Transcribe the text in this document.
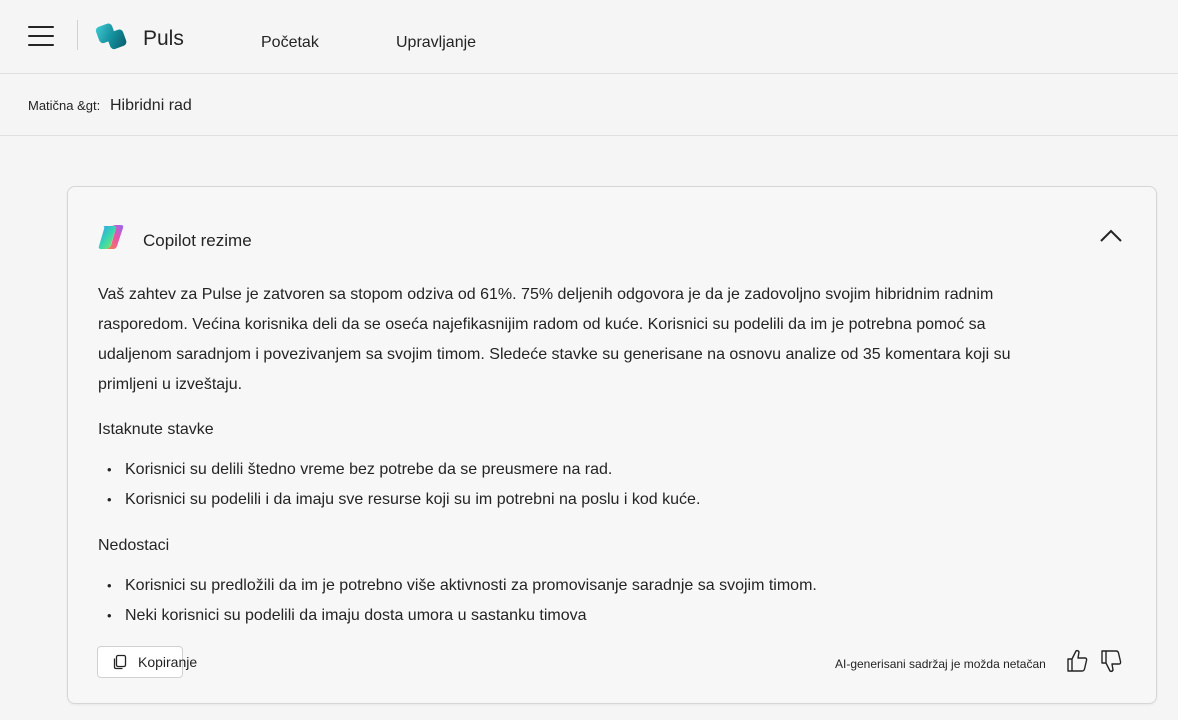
Puls	Početak	Upravljanje
Matična &gt: Hibridni rad
Copilot rezime

Vaš zahtev za Pulse je zatvoren sa stopom odziva od 61%. 75% deljenih odgovora je da je zadovoljno svojim hibridnim radnim rasporedom. Većina korisnika deli da se oseća najefikasnijim radom od kuće. Korisnici su podelili da im je potrebna pomoć sa udaljenom saradnjom i povezivanjem sa svojim timom. Sledeće stavke su generisane na osnovu analize od 35 komentara koji su primljeni u izveštaju.

Istaknute stavke
• Korisnici su delili štedno vreme bez potrebe da se preusmere na rad.
• Korisnici su podelili i da imaju sve resurse koji su im potrebni na poslu i kod kuće.
Nedostaci
• Korisnici su predložili da im je potrebno više aktivnosti za promovisanje saradnje sa svojim timom.
• Neki korisnici su podelili da imaju dosta umora u sastanku timova
Kopiranje	AI-generisani sadržaj je možda netačan
